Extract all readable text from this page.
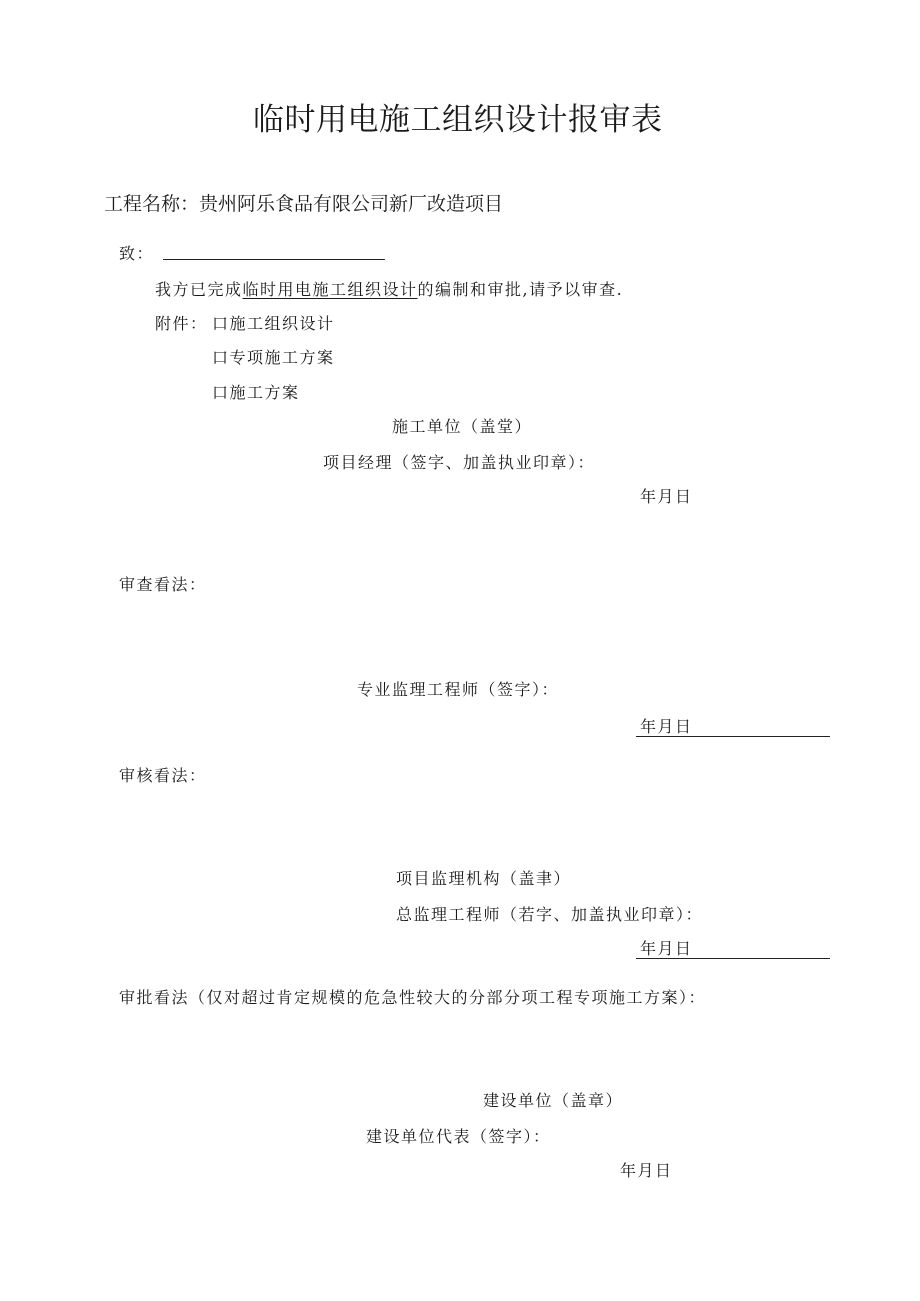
临时用电施工组织设计报审表
工程名称：贵州阿乐食品有限公司新厂改造项目
致：
我方已完成临时用电施工组织设计的编制和审批,请予以审查.
附件： 口施工组织设计
口专项施工方案
口施工方案
施工单位（盖堂）
项目经理（签字、加盖执业印章）：
年月日
审查看法：
专业监理工程师（签字）：
年月日
审核看法：
项目监理机构（盖聿）
总监理工程师（若字、加盖执业印章）：
年月日
审批看法（仅对超过肯定规模的危急性较大的分部分项工程专项施工方案）：
建设单位（盖章）
建设单位代表（签字）：
年月日
